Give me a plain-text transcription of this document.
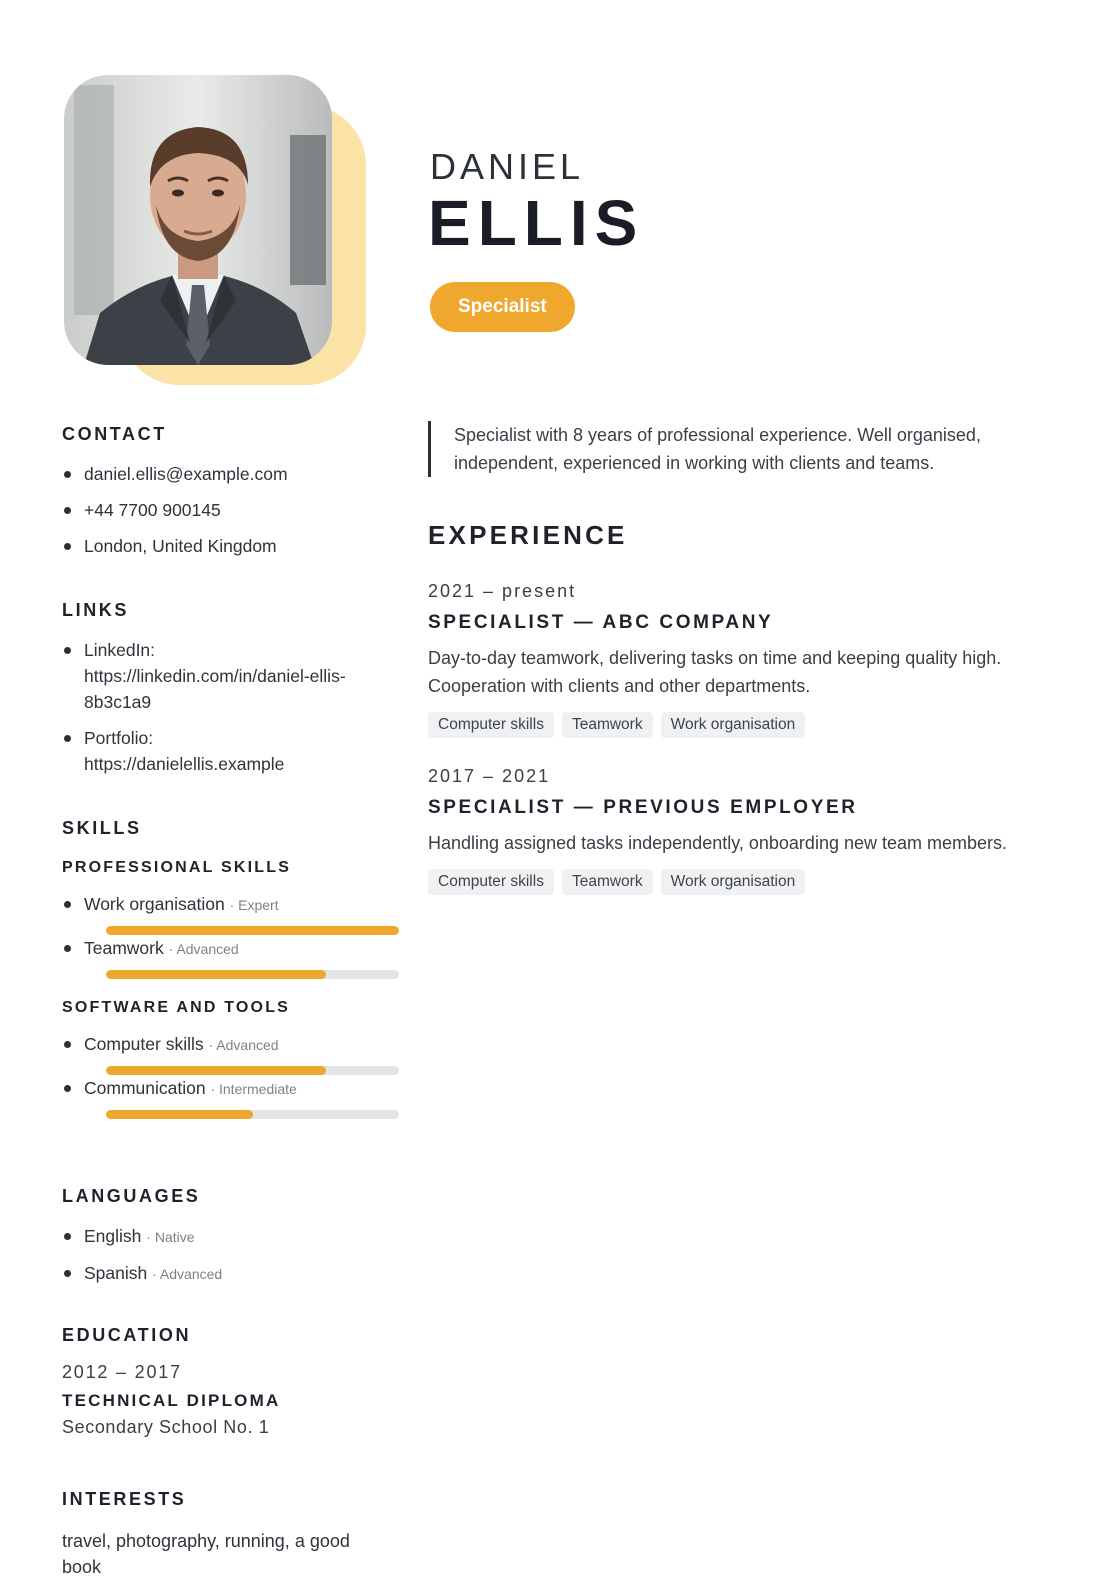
DANIEL
ELLIS
Specialist
CONTACT
daniel.ellis@example.com
+44 7700 900145
London, United Kingdom
LINKS
LinkedIn:
https://linkedin.com/in/daniel-ellis-8b3c1a9
Portfolio:
https://danielellis.example
SKILLS
PROFESSIONAL SKILLS
Work organisation · Expert
Teamwork · Advanced
SOFTWARE AND TOOLS
Computer skills · Advanced
Communication · Intermediate
LANGUAGES
English · Native
Spanish · Advanced
EDUCATION
2012 – 2017
TECHNICAL DIPLOMA
Secondary School No. 1
INTERESTS
travel, photography, running, a good book
Specialist with 8 years of professional experience. Well organised, independent, experienced in working with clients and teams.
EXPERIENCE
2021 – present
SPECIALIST — ABC COMPANY
Day-to-day teamwork, delivering tasks on time and keeping quality high. Cooperation with clients and other departments.
Computer skills	Teamwork	Work organisation
2017 – 2021
SPECIALIST — PREVIOUS EMPLOYER
Handling assigned tasks independently, onboarding new team members.
Computer skills	Teamwork	Work organisation
